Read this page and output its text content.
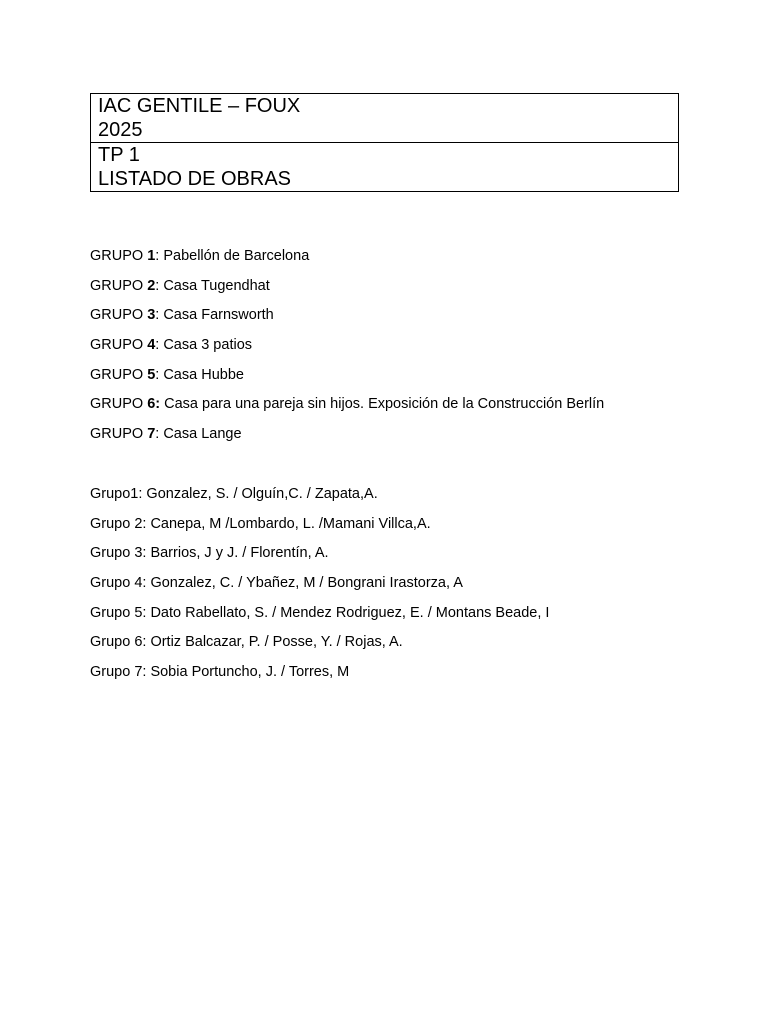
IAC GENTILE – FOUX
2025

TP 1
LISTADO DE OBRAS
GRUPO 1: Pabellón de Barcelona
GRUPO 2: Casa Tugendhat
GRUPO 3: Casa Farnsworth
GRUPO 4: Casa 3 patios
GRUPO 5: Casa Hubbe
GRUPO 6: Casa para una pareja sin hijos. Exposición de la Construcción Berlín
GRUPO 7: Casa Lange
Grupo1: Gonzalez, S. / Olguín,C. / Zapata,A.
Grupo 2: Canepa, M /Lombardo, L. /Mamani Villca,A.
Grupo 3: Barrios, J y J. / Florentín, A.
Grupo 4: Gonzalez, C. / Ybañez, M / Bongrani Irastorza, A
Grupo 5: Dato Rabellato, S. / Mendez Rodriguez, E. / Montans Beade, I
Grupo 6: Ortiz Balcazar, P. / Posse, Y. / Rojas, A.
Grupo 7: Sobia Portuncho, J. / Torres, M
